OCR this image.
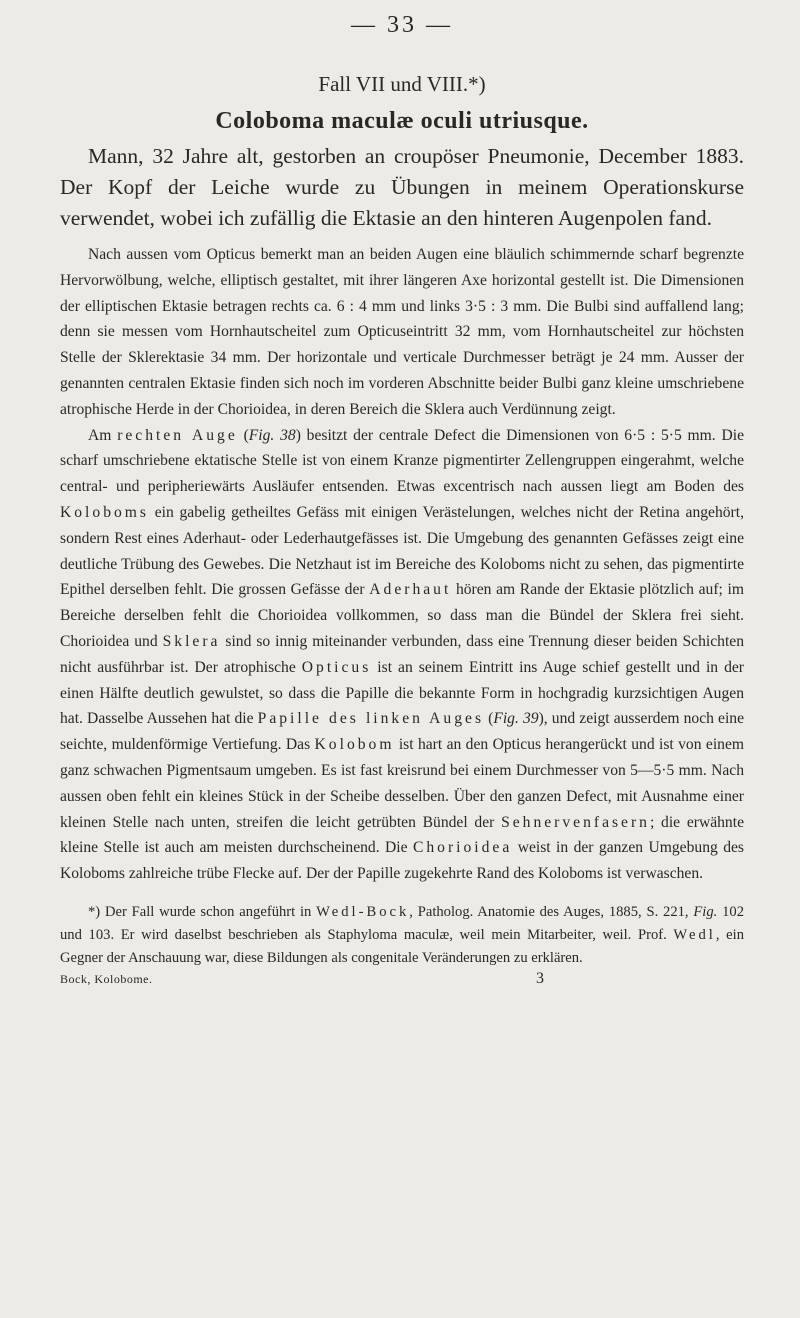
— 33 —
Fall VII und VIII.*)
Coloboma maculæ oculi utriusque.

Mann, 32 Jahre alt, gestorben an croupöser Pneumonie, December 1883. Der Kopf der Leiche wurde zu Übungen in meinem Operationskurse verwendet, wobei ich zufällig die Ektasie an den hinteren Augenpolen fand.

Nach aussen vom Opticus bemerkt man an beiden Augen eine bläulich schimmernde scharf begrenzte Hervorwölbung, welche, elliptisch gestaltet, mit ihrer längeren Axe horizontal gestellt ist. Die Dimensionen der elliptischen Ektasie betragen rechts ca. 6 : 4 mm und links 3·5 : 3 mm. Die Bulbi sind auffallend lang; denn sie messen vom Hornhautscheitel zum Opticuseintritt 32 mm, vom Hornhautscheitel zur höchsten Stelle der Sklerektasie 34 mm. Der horizontale und verticale Durchmesser beträgt je 24 mm. Ausser der genannten centralen Ektasie finden sich noch im vorderen Abschnitte beider Bulbi ganz kleine umschriebene atrophische Herde in der Chorioidea, in deren Bereich die Sklera auch Verdünnung zeigt.

Am rechten Auge (Fig. 38) besitzt der centrale Defect die Dimensionen von 6·5 : 5·5 mm. Die scharf umschriebene ektatische Stelle ist von einem Kranze pigmentirter Zellengruppen eingerahmt, welche central- und peripheriewärts Ausläufer entsenden. Etwas excentrisch nach aussen liegt am Boden des Koloboms ein gabelig getheiltes Gefäss mit einigen Verästelungen, welches nicht der Retina angehört, sondern Rest eines Aderhaut- oder Lederhautgefässes ist. Die Umgebung des genannten Gefässes zeigt eine deutliche Trübung des Gewebes. Die Netzhaut ist im Bereiche des Koloboms nicht zu sehen, das pigmentirte Epithel derselben fehlt. Die grossen Gefässe der Aderhaut hören am Rande der Ektasie plötzlich auf; im Bereiche derselben fehlt die Chorioidea vollkommen, so dass man die Bündel der Sklera frei sieht. Chorioidea und Sklera sind so innig miteinander verbunden, dass eine Trennung dieser beiden Schichten nicht ausführbar ist. Der atrophische Opticus ist an seinem Eintritt ins Auge schief gestellt und in der einen Hälfte deutlich gewulstet, so dass die Papille die bekannte Form in hochgradig kurzsichtigen Augen hat. Dasselbe Aussehen hat die Papille des linken Auges (Fig. 39), und zeigt ausserdem noch eine seichte, muldenförmige Vertiefung. Das Kolobom ist hart an den Opticus herangerückt und ist von einem ganz schwachen Pigmentsaum umgeben. Es ist fast kreisrund bei einem Durchmesser von 5—5·5 mm. Nach aussen oben fehlt ein kleines Stück in der Scheibe desselben. Über den ganzen Defect, mit Ausnahme einer kleinen Stelle nach unten, streifen die leicht getrübten Bündel der Sehnervenfasern; die erwähnte kleine Stelle ist auch am meisten durchscheinend. Die Chorioidea weist in der ganzen Umgebung des Koloboms zahlreiche trübe Flecke auf. Der der Papille zugekehrte Rand des Koloboms ist verwaschen.

*) Der Fall wurde schon angeführt in Wedl-Bock, Patholog. Anatomie des Auges, 1885, S. 221, Fig. 102 und 103. Er wird daselbst beschrieben als Staphyloma maculæ, weil mein Mitarbeiter, weil. Prof. Wedl, ein Gegner der Anschauung war, diese Bildungen als congenitale Veränderungen zu erklären.

Bock, Kolobome.	3
